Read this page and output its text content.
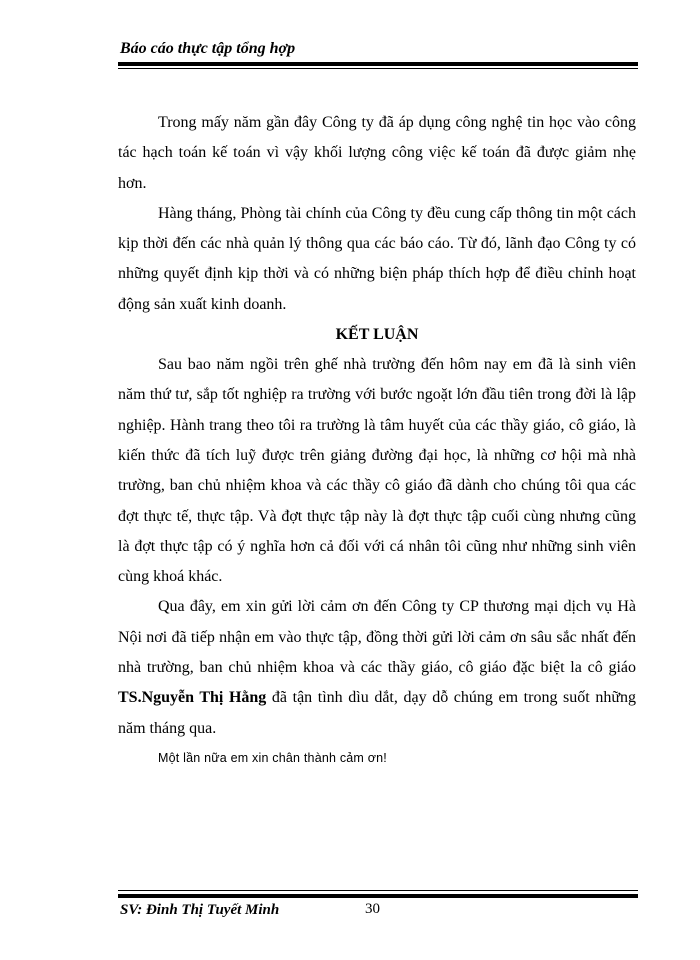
Báo cáo thực tập tổng hợp

Trong mấy năm gần đây Công ty đã áp dụng công nghệ tin học vào công tác hạch toán kế toán vì vậy khối lượng công việc kế toán đã được giảm nhẹ hơn.

Hàng tháng, Phòng tài chính của Công ty đều cung cấp thông tin một cách kịp thời đến các nhà quản lý thông qua các báo cáo. Từ đó, lãnh đạo Công ty có những quyết định kịp thời và có những biện pháp thích hợp để điều chỉnh hoạt động sản xuất kinh doanh.

KẾT LUẬN

Sau bao năm ngồi trên ghế nhà trường đến hôm nay em đã là sinh viên năm thứ tư, sắp tốt nghiệp ra trường với bước ngoặt lớn đầu tiên trong đời là lập nghiệp. Hành trang theo tôi ra trường là tâm huyết của các thầy giáo, cô giáo, là kiến thức đã tích luỹ được trên giảng đường đại học, là những cơ hội mà nhà trường, ban chủ nhiệm khoa và các thầy cô giáo đã dành cho chúng tôi qua các đợt thực tế, thực tập. Và đợt thực tập này là đợt thực tập cuối cùng nhưng cũng là đợt thực tập có ý nghĩa hơn cả đối với cá nhân tôi cũng như những sinh viên cùng khoá khác.

Qua đây, em xin gửi lời cảm ơn đến Công ty CP thương mại dịch vụ Hà Nội nơi đã tiếp nhận em vào thực tập, đồng thời gửi lời cảm ơn sâu sắc nhất đến nhà trường, ban chủ nhiệm khoa và các thầy giáo, cô giáo đặc biệt la cô giáo TS.Nguyễn Thị Hằng đã tận tình dìu dắt, dạy dỗ chúng em trong suốt những năm tháng qua.

Một lần nữa em xin chân thành cảm ơn!

SV: Đinh Thị Tuyết Minh	30
